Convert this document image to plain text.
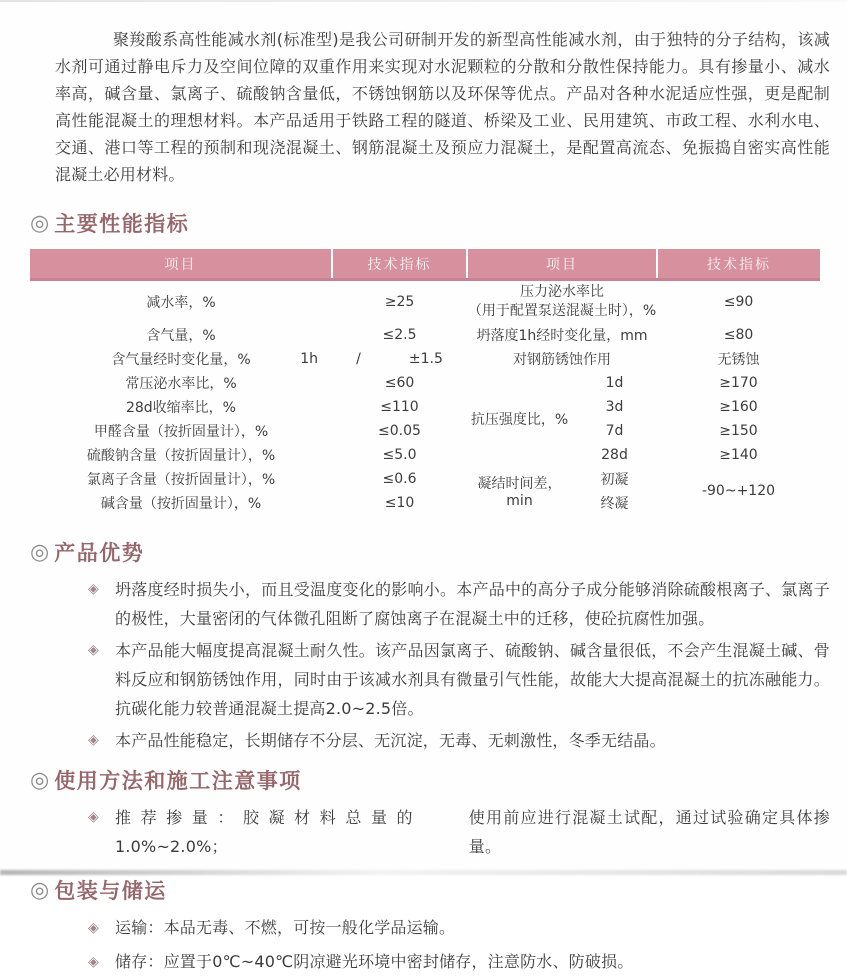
聚羧酸系高性能减水剂(标准型)是我公司研制开发的新型高性能减水剂，由于独特的分子结构，该减水剂可通过静电斥力及空间位障的双重作用来实现对水泥颗粒的分散和分散性保持能力。具有掺量小、减水率高，碱含量、氯离子、硫酸钠含量低，不锈蚀钢筋以及环保等优点。产品对各种水泥适应性强，更是配制高性能混凝土的理想材料。本产品适用于铁路工程的隧道、桥梁及工业、民用建筑、市政工程、水利水电、交通、港口等工程的预制和现浇混凝土、钢筋混凝土及预应力混凝土，是配置高流态、免振捣自密实高性能混凝土必用材料。

◎ 主要性能指标
项目	技术指标	项目		技术指标
减水率，%	≥25	压力泌水率比
（用于配置泵送混凝土时），%		≤90
含气量，%	≤2.5	坍落度1h经时变化量，mm		≤80
含气量经时变化量，% 1h	/ ±1.5	对钢筋锈蚀作用		无锈蚀
常压泌水率比，%	≤60	抗压强度比，%	1d	≥170
28d收缩率比，%	≤110		3d	≥160
甲醛含量（按折固量计），%	≤0.05		7d	≥150
硫酸钠含量（按折固量计），%	≤5.0		28d	≥140
氯离子含量（按折固量计），%	≤0.6	凝结时间差，min	初凝	-90~+120
碱含量（按折固量计），%	≤10		终凝	
◎ 产品优势
◈	坍落度经时损失小，而且受温度变化的影响小。本产品中的高分子成分能够消除硫酸根离子、氯离子的极性，大量密闭的气体微孔阻断了腐蚀离子在混凝土中的迁移，使砼抗腐性加强。
◈	本产品能大幅度提高混凝土耐久性。该产品因氯离子、硫酸钠、碱含量很低，不会产生混凝土碱、骨料反应和钢筋锈蚀作用，同时由于该减水剂具有微量引气性能，故能大大提高混凝土的抗冻融能力。抗碳化能力较普通混凝土提高2.0~2.5倍。
◈	本产品性能稳定，长期储存不分层、无沉淀，无毒、无刺激性，冬季无结晶。
◎ 使用方法和施工注意事项
◈	推荐掺量：胶凝材料总量的1.0%~2.0%；
使用前应进行混凝土试配，通过试验确定具体掺量。
◎ 包装与储运
◈	运输：本品无毒、不燃，可按一般化学品运输。
◈	储存：应置于0℃~40℃阴凉避光环境中密封储存，注意防水、防破损。
